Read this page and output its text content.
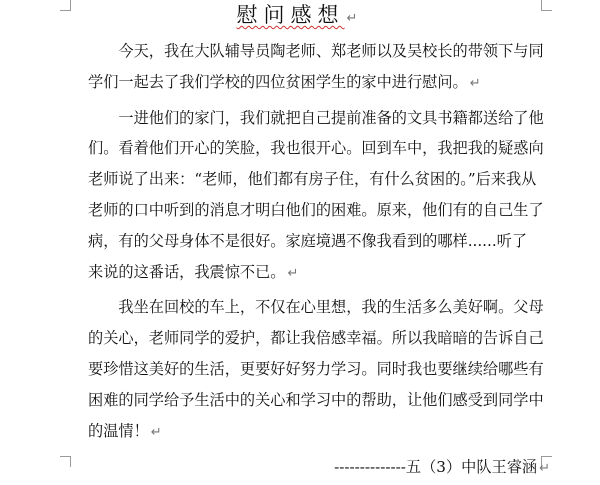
慰问感想 ↵
　　今天，我在大队辅导员陶老师、郑老师以及吴校长的带领下与同
学们一起去了我们学校的四位贫困学生的家中进行慰问。 ↵
　　一进他们的家门，我们就把自己提前准备的文具书籍都送给了他
们。看着他们开心的笑脸，我也很开心。回到车中，我把我的疑惑向
老师说了出来：“老师，他们都有房子住，有什么贫困的。”后来我从
老师的口中听到的消息才明白他们的困难。原来，他们有的自己生了
病，有的父母身体不是很好。家庭境遇不像我看到的哪样......听了
来说的这番话，我震惊不已。 ↵
　　我坐在回校的车上，不仅在心里想，我的生活多么美好啊。父母
的关心，老师同学的爱护，都让我倍感幸福。所以我暗暗的告诉自己
要珍惜这美好的生活，更要好好努力学习。同时我也要继续给哪些有
困难的同学给予生活中的关心和学习中的帮助，让他们感受到同学中
的温情！ ↵
--------------五（3）中队王睿涵 ↵
